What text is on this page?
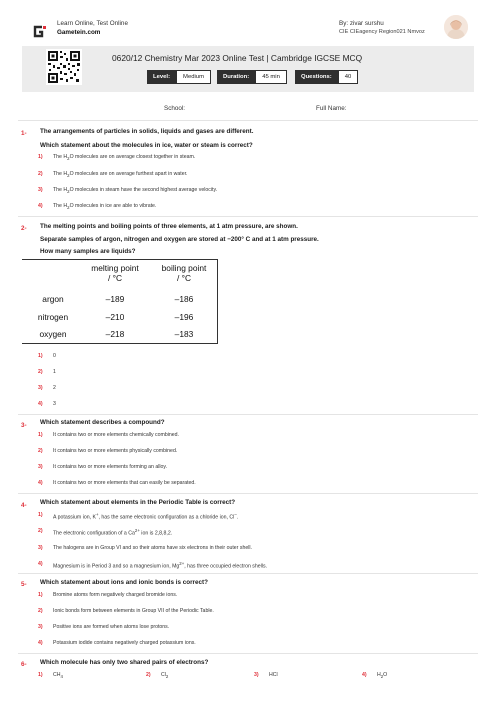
Learn Online, Test Online
Gametein.com
By: zivar surshu
CIE CIEagency Region021 Nmvoz
0620/12 Chemistry Mar 2023 Online Test | Cambridge IGCSE MCQ
Level:	Medium	Duration:	45 min	Questions:	40
School:	Full Name:
1- The arrangements of particles in solids, liquids and gases are different.
Which statement about the molecules in ice, water or steam is correct?
1) The $H_2O$ molecules are on average closest together in steam.
2) The $H_2O$ molecules are on average furthest apart in water.
3) The $H_2O$ molecules in steam have the second highest average velocity.
4) The $H_2O$ molecules in ice are able to vibrate.
2- The melting points and boiling points of three elements, at 1 atm pressure, are shown.
Separate samples of argon, nitrogen and oxygen are stored at −200° C and at 1 atm pressure.
How many samples are liquids?
melting point
/ °C
boiling point
/ °C
argon	–189	–186
nitrogen	–210	–196
oxygen	–218	–183
1) 0
2) 1
3) 2
4) 3
3- Which statement describes a compound?
1) It contains two or more elements chemically combined.
2) It contains two or more elements physically combined.
3) It contains two or more elements forming an alloy.
4) It contains two or more elements that can easily be separated.
4- Which statement about elements in the Periodic Table is correct?
1) A potassium ion, K+, has the same electronic configuration as a chloride ion, Cl–.
2) The electronic configuration of a $Ca^{2+}$ ion is 2,8,8,2.
3) The halogens are in Group VI and so their atoms have six electrons in their outer shell.
4) Magnesium is in Period 3 and so a magnesium ion, $Mg^{2+}$, has three occupied electron shells.
5- Which statement about ions and ionic bonds is correct?
1) Bromine atoms form negatively charged bromide ions.
2) Ionic bonds form between elements in Group VII of the Periodic Table.
3) Positive ions are formed when atoms lose protons.
4) Potassium iodide contains negatively charged potassium ions.
6- Which molecule has only two shared pairs of electrons?
1) $CH_4$	2) $Cl_2$	3) HCl	4) $H_2O$
